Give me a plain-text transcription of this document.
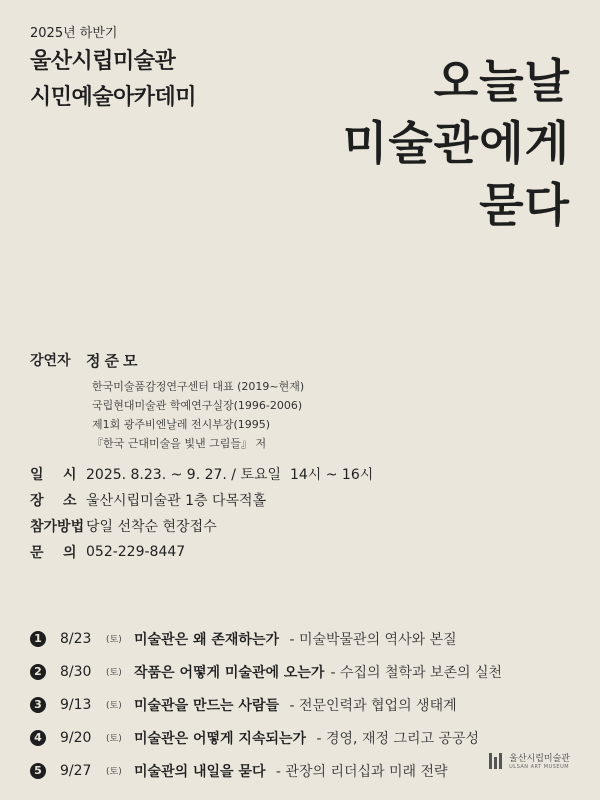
2025년 하반기
울산시립미술관
시민예술아카데미	오늘날
미술관에게
묻다
강연자	정준모
한국미술품감정연구센터 대표 (2019~현재)
국립현대미술관 학예연구실장(1996-2006)
제1회 광주비엔날레 전시부장(1995)
『한국 근대미술을 빛낸 그림들』 저
일    시 2025. 8.23. ~ 9. 27. / 토요일  14시 ~ 16시
장    소 울산시립미술관 1층 다목적홀
참가방법 당일 선착순 현장접수
문    의 052-229-8447
1 8/23	(토) 미술관은 왜 존재하는가 - 미술박물관의 역사와 본질
2 8/30	(토) 작품은 어떻게 미술관에 오는가 - 수집의 철학과 보존의 실천
3 9/13	(토) 미술관을 만드는 사람들 - 전문인력과 협업의 생태계
4 9/20	(토) 미술관은 어떻게 지속되는가 - 경영, 재정 그리고 공공성
5 9/27	(토) 미술관의 내일을 묻다 - 관장의 리더십과 미래 전략
울산시립미술관
ULSAN ART MUSEUM
